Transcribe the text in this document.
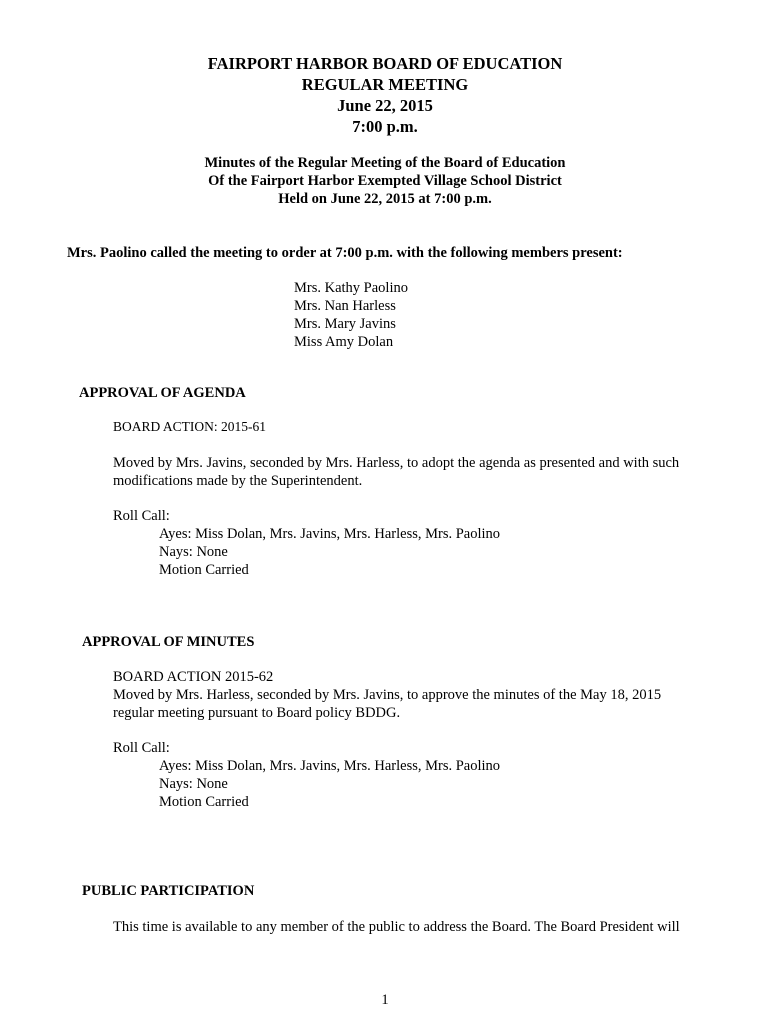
FAIRPORT HARBOR BOARD OF EDUCATION
REGULAR MEETING
June 22, 2015
7:00 p.m.
Minutes of the Regular Meeting of the Board of Education
Of the Fairport Harbor Exempted Village School District
Held on June 22, 2015 at 7:00 p.m.
Mrs. Paolino called the meeting to order at 7:00 p.m. with the following members present:
Mrs. Kathy Paolino
Mrs. Nan Harless
Mrs. Mary Javins
Miss Amy Dolan
APPROVAL OF AGENDA
BOARD ACTION: 2015-61
Moved by Mrs. Javins, seconded by Mrs. Harless, to adopt the agenda as presented and with such
modifications made by the Superintendent.
Roll Call:
Ayes: Miss Dolan, Mrs. Javins, Mrs. Harless, Mrs. Paolino
Nays: None
Motion Carried
APPROVAL OF MINUTES
BOARD ACTION 2015-62
Moved by Mrs. Harless, seconded by Mrs. Javins, to approve the minutes of the May 18, 2015
regular meeting pursuant to Board policy BDDG.
Roll Call:
Ayes: Miss Dolan, Mrs. Javins, Mrs. Harless, Mrs. Paolino
Nays: None
Motion Carried
PUBLIC PARTICIPATION
This time is available to any member of the public to address the Board. The Board President will
1
